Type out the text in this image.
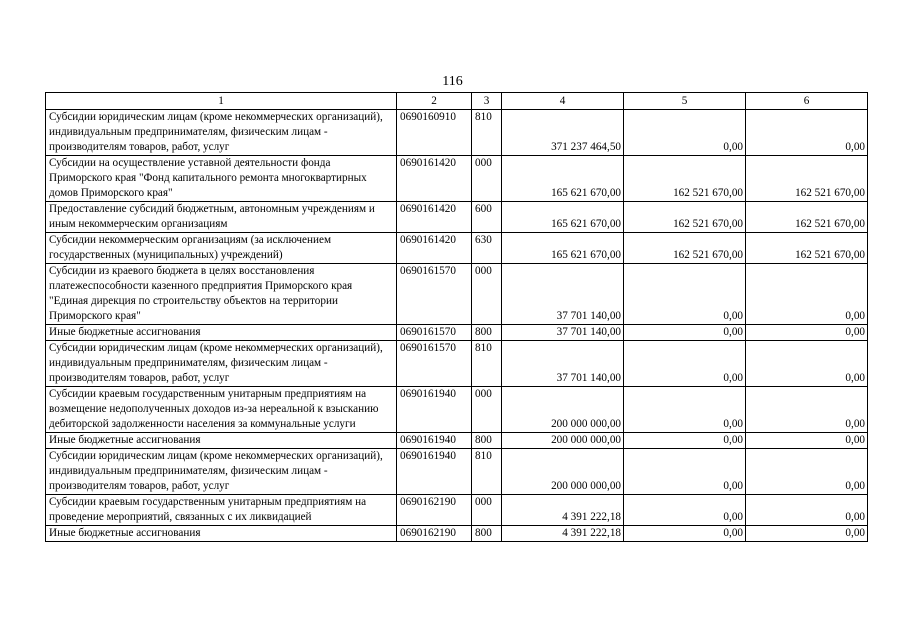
116
1	2	3	4	5	6
Субсидии юридическим лицам (кроме некоммерческих организаций), индивидуальным предпринимателям, физическим лицам - производителям товаров, работ, услуг	0690160910	810	371 237 464,50	0,00	0,00
Субсидии на осуществление уставной деятельности фонда Приморского края "Фонд капитального ремонта многоквартирных домов Приморского края"	0690161420	000	165 621 670,00	162 521 670,00	162 521 670,00
Предоставление субсидий бюджетным, автономным учреждениям и иным некоммерческим организациям	0690161420	600	165 621 670,00	162 521 670,00	162 521 670,00
Субсидии некоммерческим организациям (за исключением государственных (муниципальных) учреждений)	0690161420	630	165 621 670,00	162 521 670,00	162 521 670,00
Субсидии из краевого бюджета в целях восстановления платежеспособности казенного предприятия Приморского края "Единая дирекция по строительству объектов на территории Приморского края"	0690161570	000	37 701 140,00	0,00	0,00
Иные бюджетные ассигнования	0690161570	800	37 701 140,00	0,00	0,00
Субсидии юридическим лицам (кроме некоммерческих организаций), индивидуальным предпринимателям, физическим лицам - производителям товаров, работ, услуг	0690161570	810	37 701 140,00	0,00	0,00
Субсидии краевым государственным унитарным предприятиям на возмещение недополученных доходов из-за нереальной к взысканию дебиторской задолженности населения за коммунальные услуги	0690161940	000	200 000 000,00	0,00	0,00
Иные бюджетные ассигнования	0690161940	800	200 000 000,00	0,00	0,00
Субсидии юридическим лицам (кроме некоммерческих организаций), индивидуальным предпринимателям, физическим лицам - производителям товаров, работ, услуг	0690161940	810	200 000 000,00	0,00	0,00
Субсидии краевым государственным унитарным предприятиям на проведение мероприятий, связанных с их ликвидацией	0690162190	000	4 391 222,18	0,00	0,00
Иные бюджетные ассигнования	0690162190	800	4 391 222,18	0,00	0,00
